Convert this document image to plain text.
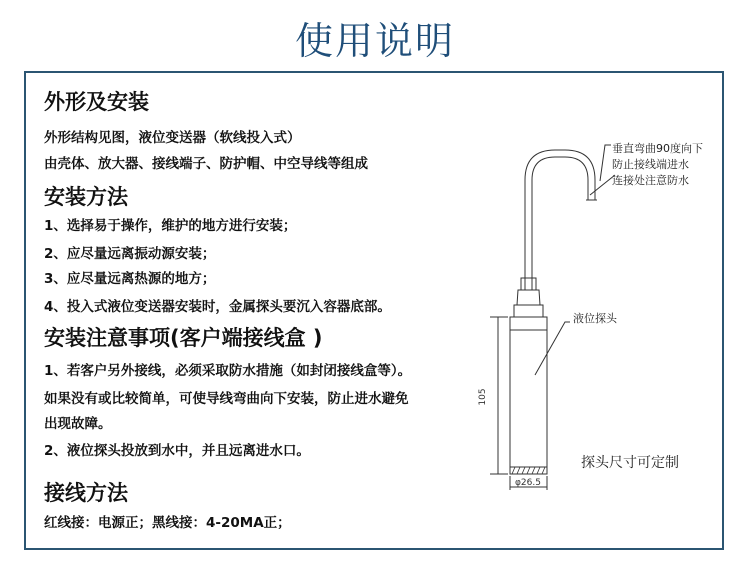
使用说明
外形及安装
外形结构见图，液位变送器（软线投入式）
由壳体、放大器、接线端子、防护帽、中空导线等组成
安装方法
1、选择易于操作，维护的地方进行安装；
2、应尽量远离振动源安装；
3、应尽量远离热源的地方；
4、投入式液位变送器安装时，金属探头要沉入容器底部。
安装注意事项(客户端接线盒 )
1、若客户另外接线，必须采取防水措施（如封闭接线盒等）。
如果没有或比较简单，可使导线弯曲向下安装，防止进水避免
出现故障。
2、液位探头投放到水中，并且远离进水口。
接线方法
红线接：电源正；黑线接：4-20MA正；
105
φ26.5
垂直弯曲90度向下
防止接线端进水
连接处注意防水
液位探头
探头尺寸可定制
